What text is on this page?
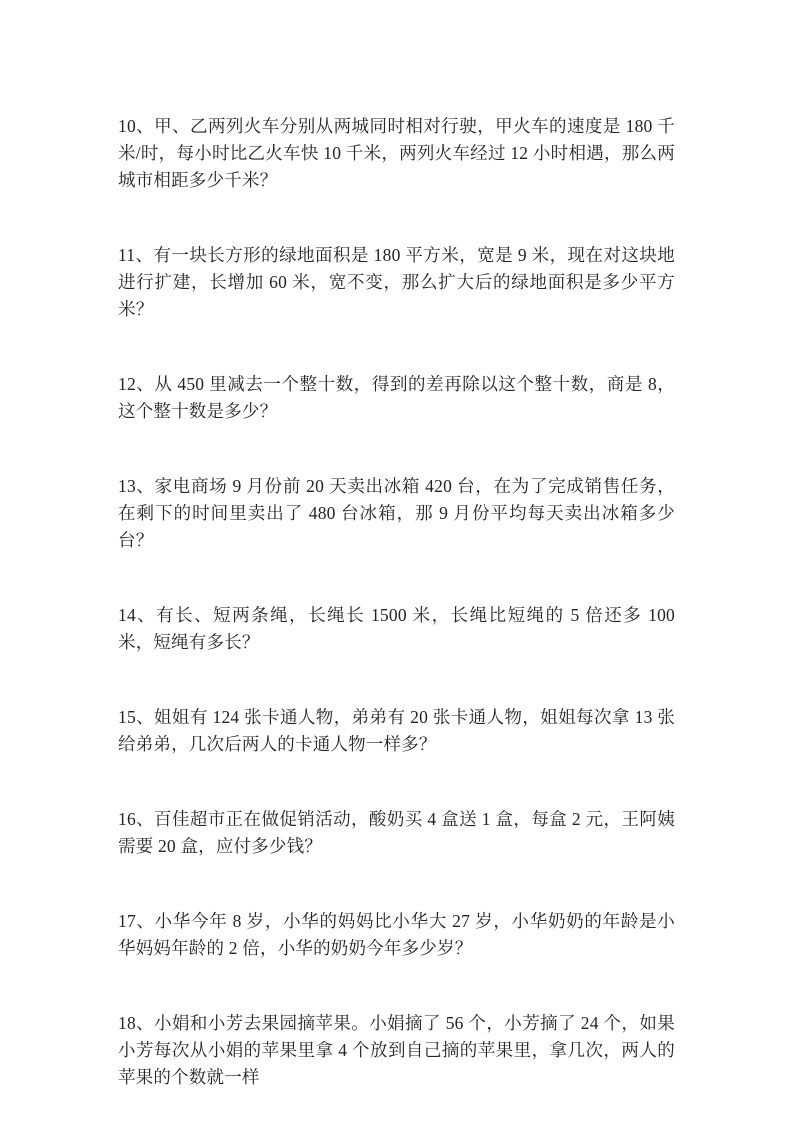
10、甲、乙两列火车分别从两城同时相对行驶，甲火车的速度是 180 千米/时，每小时比乙火车快 10 千米，两列火车经过 12 小时相遇，那么两城市相距多少千米？

11、有一块长方形的绿地面积是 180 平方米，宽是 9 米，现在对这块地进行扩建，长增加 60 米，宽不变，那么扩大后的绿地面积是多少平方米？

12、从 450 里减去一个整十数，得到的差再除以这个整十数，商是 8，这个整十数是多少？

13、家电商场 9 月份前 20 天卖出冰箱 420 台，在为了完成销售任务，在剩下的时间里卖出了 480 台冰箱，那 9 月份平均每天卖出冰箱多少台？

14、有长、短两条绳，长绳长 1500 米，长绳比短绳的 5 倍还多 100 米，短绳有多长？

15、姐姐有 124 张卡通人物，弟弟有 20 张卡通人物，姐姐每次拿 13 张给弟弟，几次后两人的卡通人物一样多？

16、百佳超市正在做促销活动，酸奶买 4 盒送 1 盒，每盒 2 元，王阿姨需要 20 盒，应付多少钱？

17、小华今年 8 岁，小华的妈妈比小华大 27 岁，小华奶奶的年龄是小华妈妈年龄的 2 倍，小华的奶奶今年多少岁？

18、小娟和小芳去果园摘苹果。小娟摘了 56 个，小芳摘了 24 个，如果小芳每次从小娟的苹果里拿 4 个放到自己摘的苹果里，拿几次，两人的苹果的个数就一样
